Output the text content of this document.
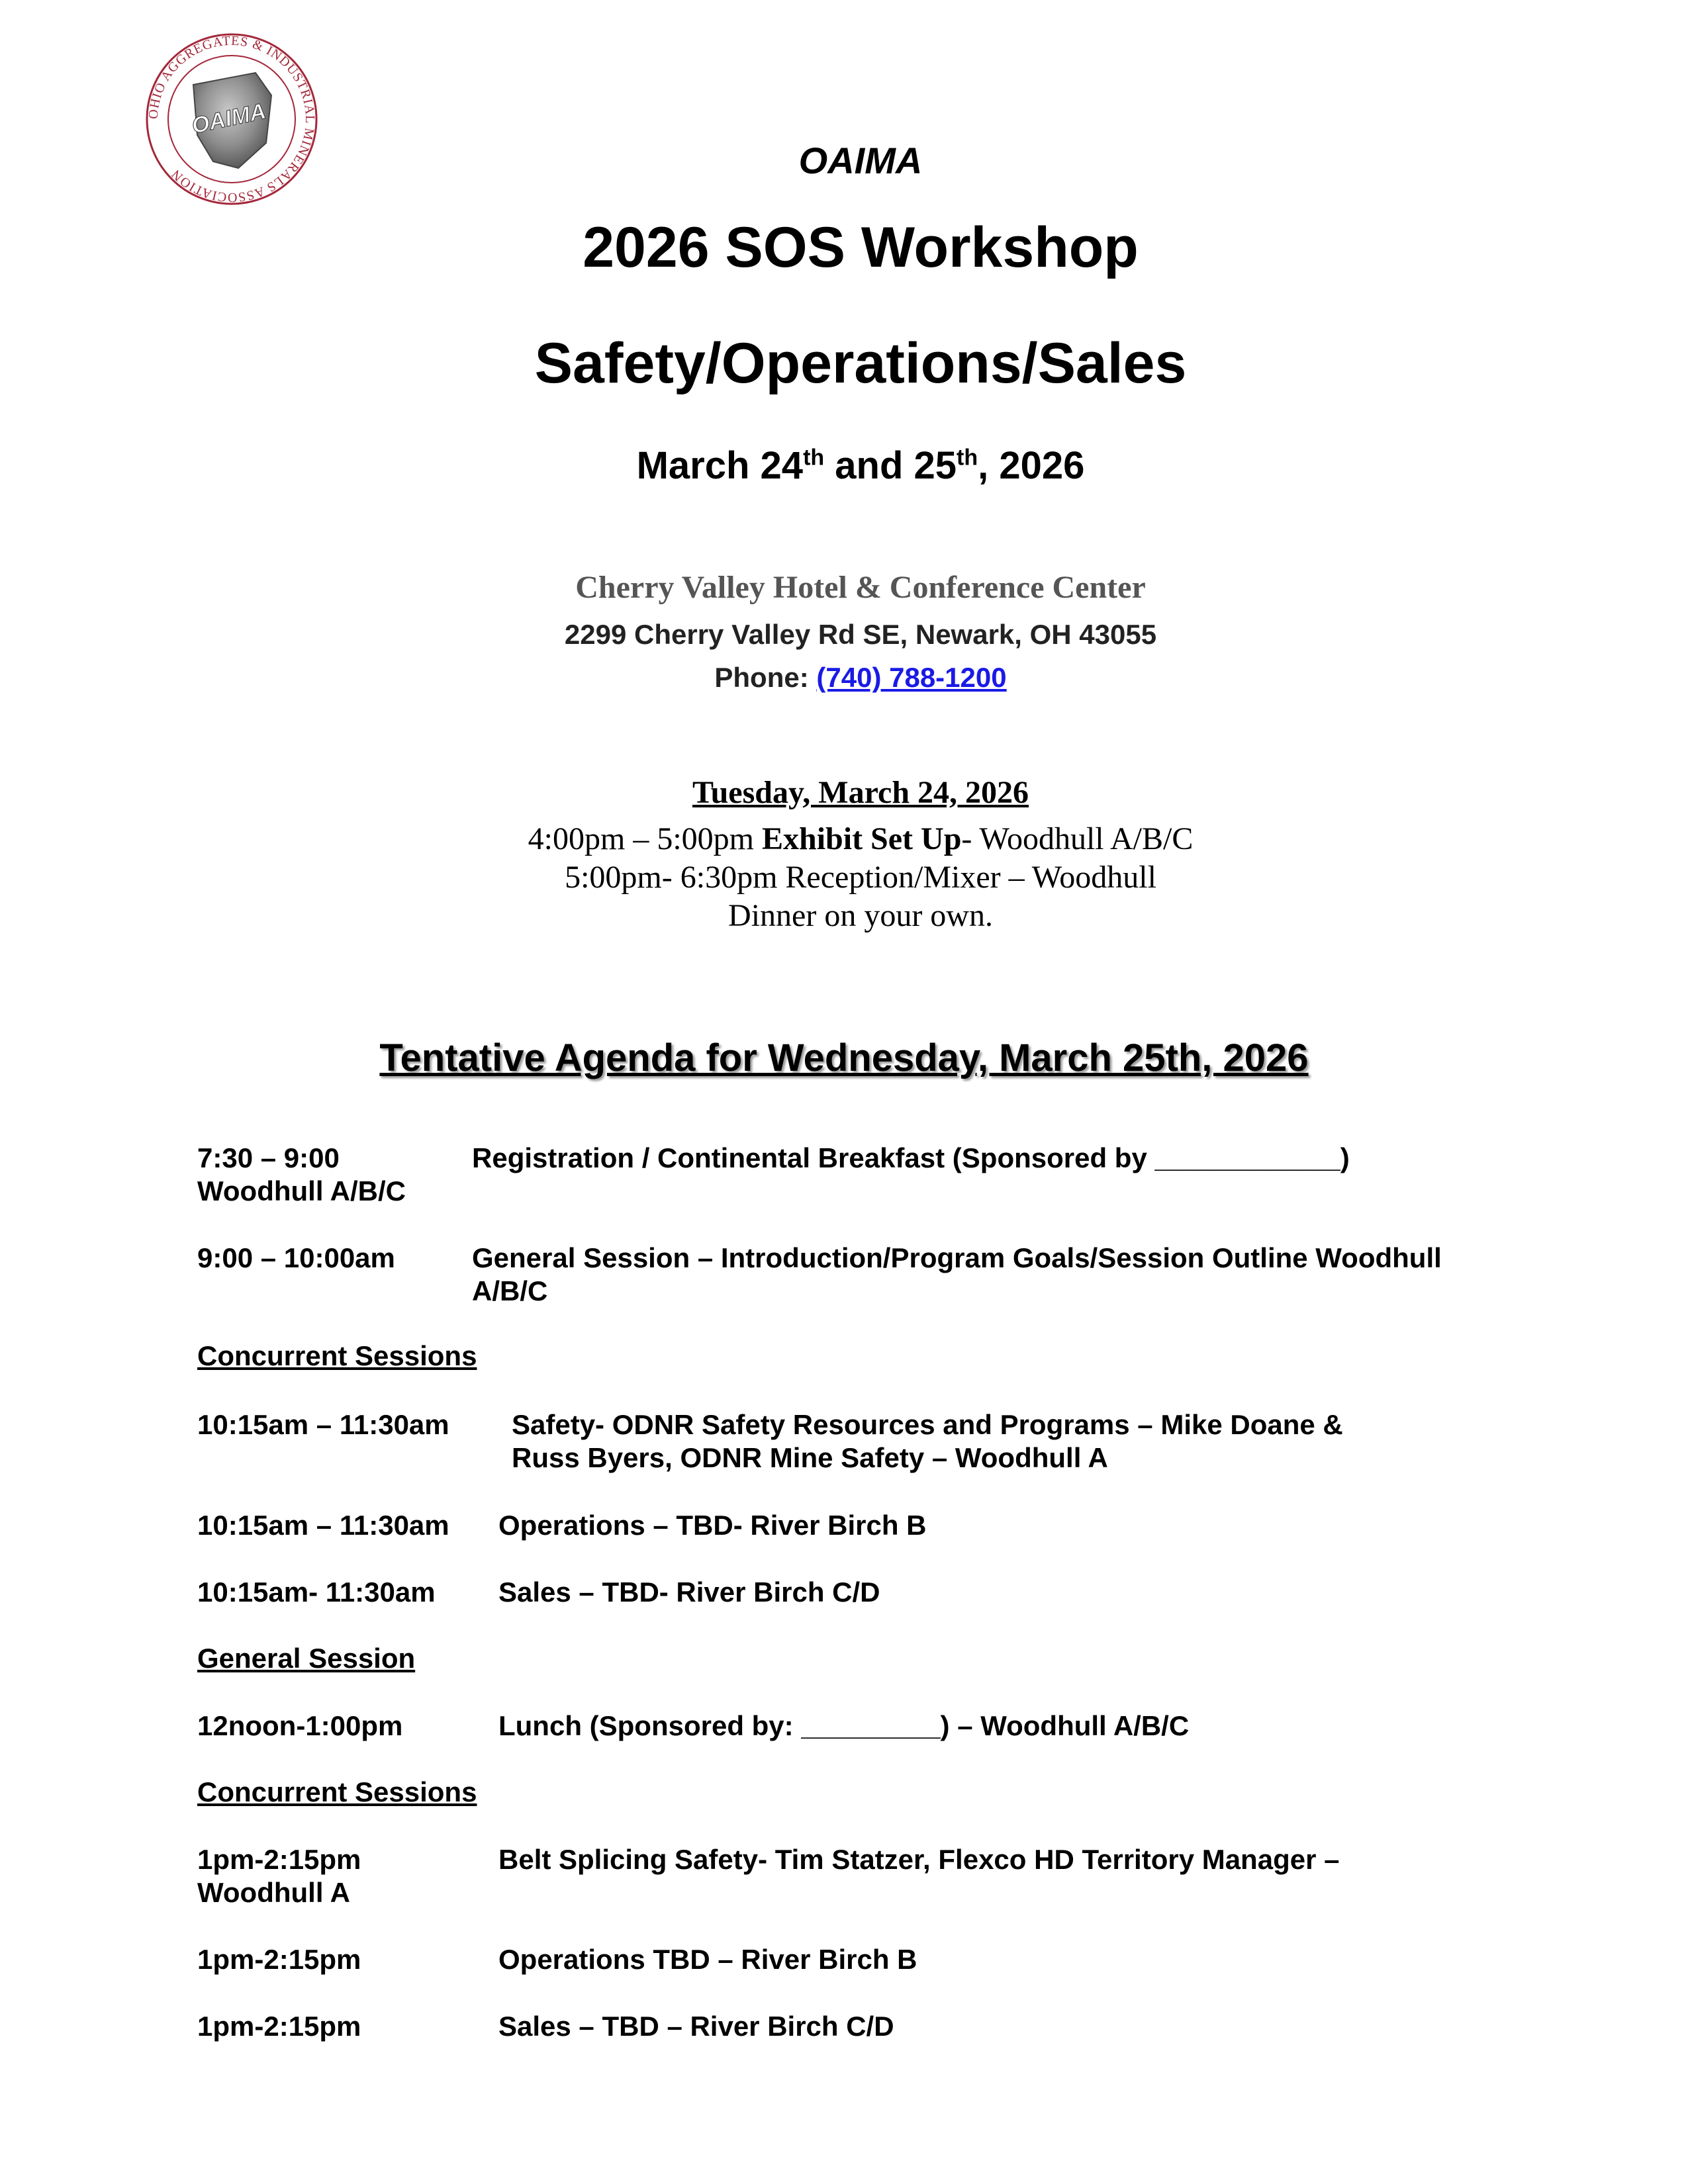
OHIO AGGREGATES & INDUSTRIAL MINERALS ASSOCIATION
OAIMA
OAIMA
2026 SOS Workshop
Safety/Operations/Sales
March 24th and 25th, 2026
Cherry Valley Hotel & Conference Center
2299 Cherry Valley Rd SE, Newark, OH 43055
Phone: (740) 788-1200
Tuesday, March 24, 2026
4:00pm – 5:00pm Exhibit Set Up- Woodhull A/B/C
5:00pm- 6:30pm Reception/Mixer – Woodhull
Dinner on your own.
Tentative Agenda for Wednesday, March 25th, 2026
7:30 – 9:00	Registration / Continental Breakfast (Sponsored by ____________)
Woodhull A/B/C
9:00 – 10:00am	General Session – Introduction/Program Goals/Session Outline Woodhull
A/B/C
Concurrent Sessions
10:15am – 11:30am Safety- ODNR Safety Resources and Programs – Mike Doane &
Russ Byers, ODNR Mine Safety – Woodhull A
10:15am – 11:30am Operations – TBD- River Birch B
10:15am- 11:30am Sales – TBD- River Birch C/D
General Session
12noon-1:00pm	Lunch (Sponsored by: _________) – Woodhull A/B/C
Concurrent Sessions
1pm-2:15pm	Belt Splicing Safety- Tim Statzer, Flexco HD Territory Manager –
Woodhull A
1pm-2:15pm	Operations TBD – River Birch B
1pm-2:15pm	Sales – TBD – River Birch C/D
